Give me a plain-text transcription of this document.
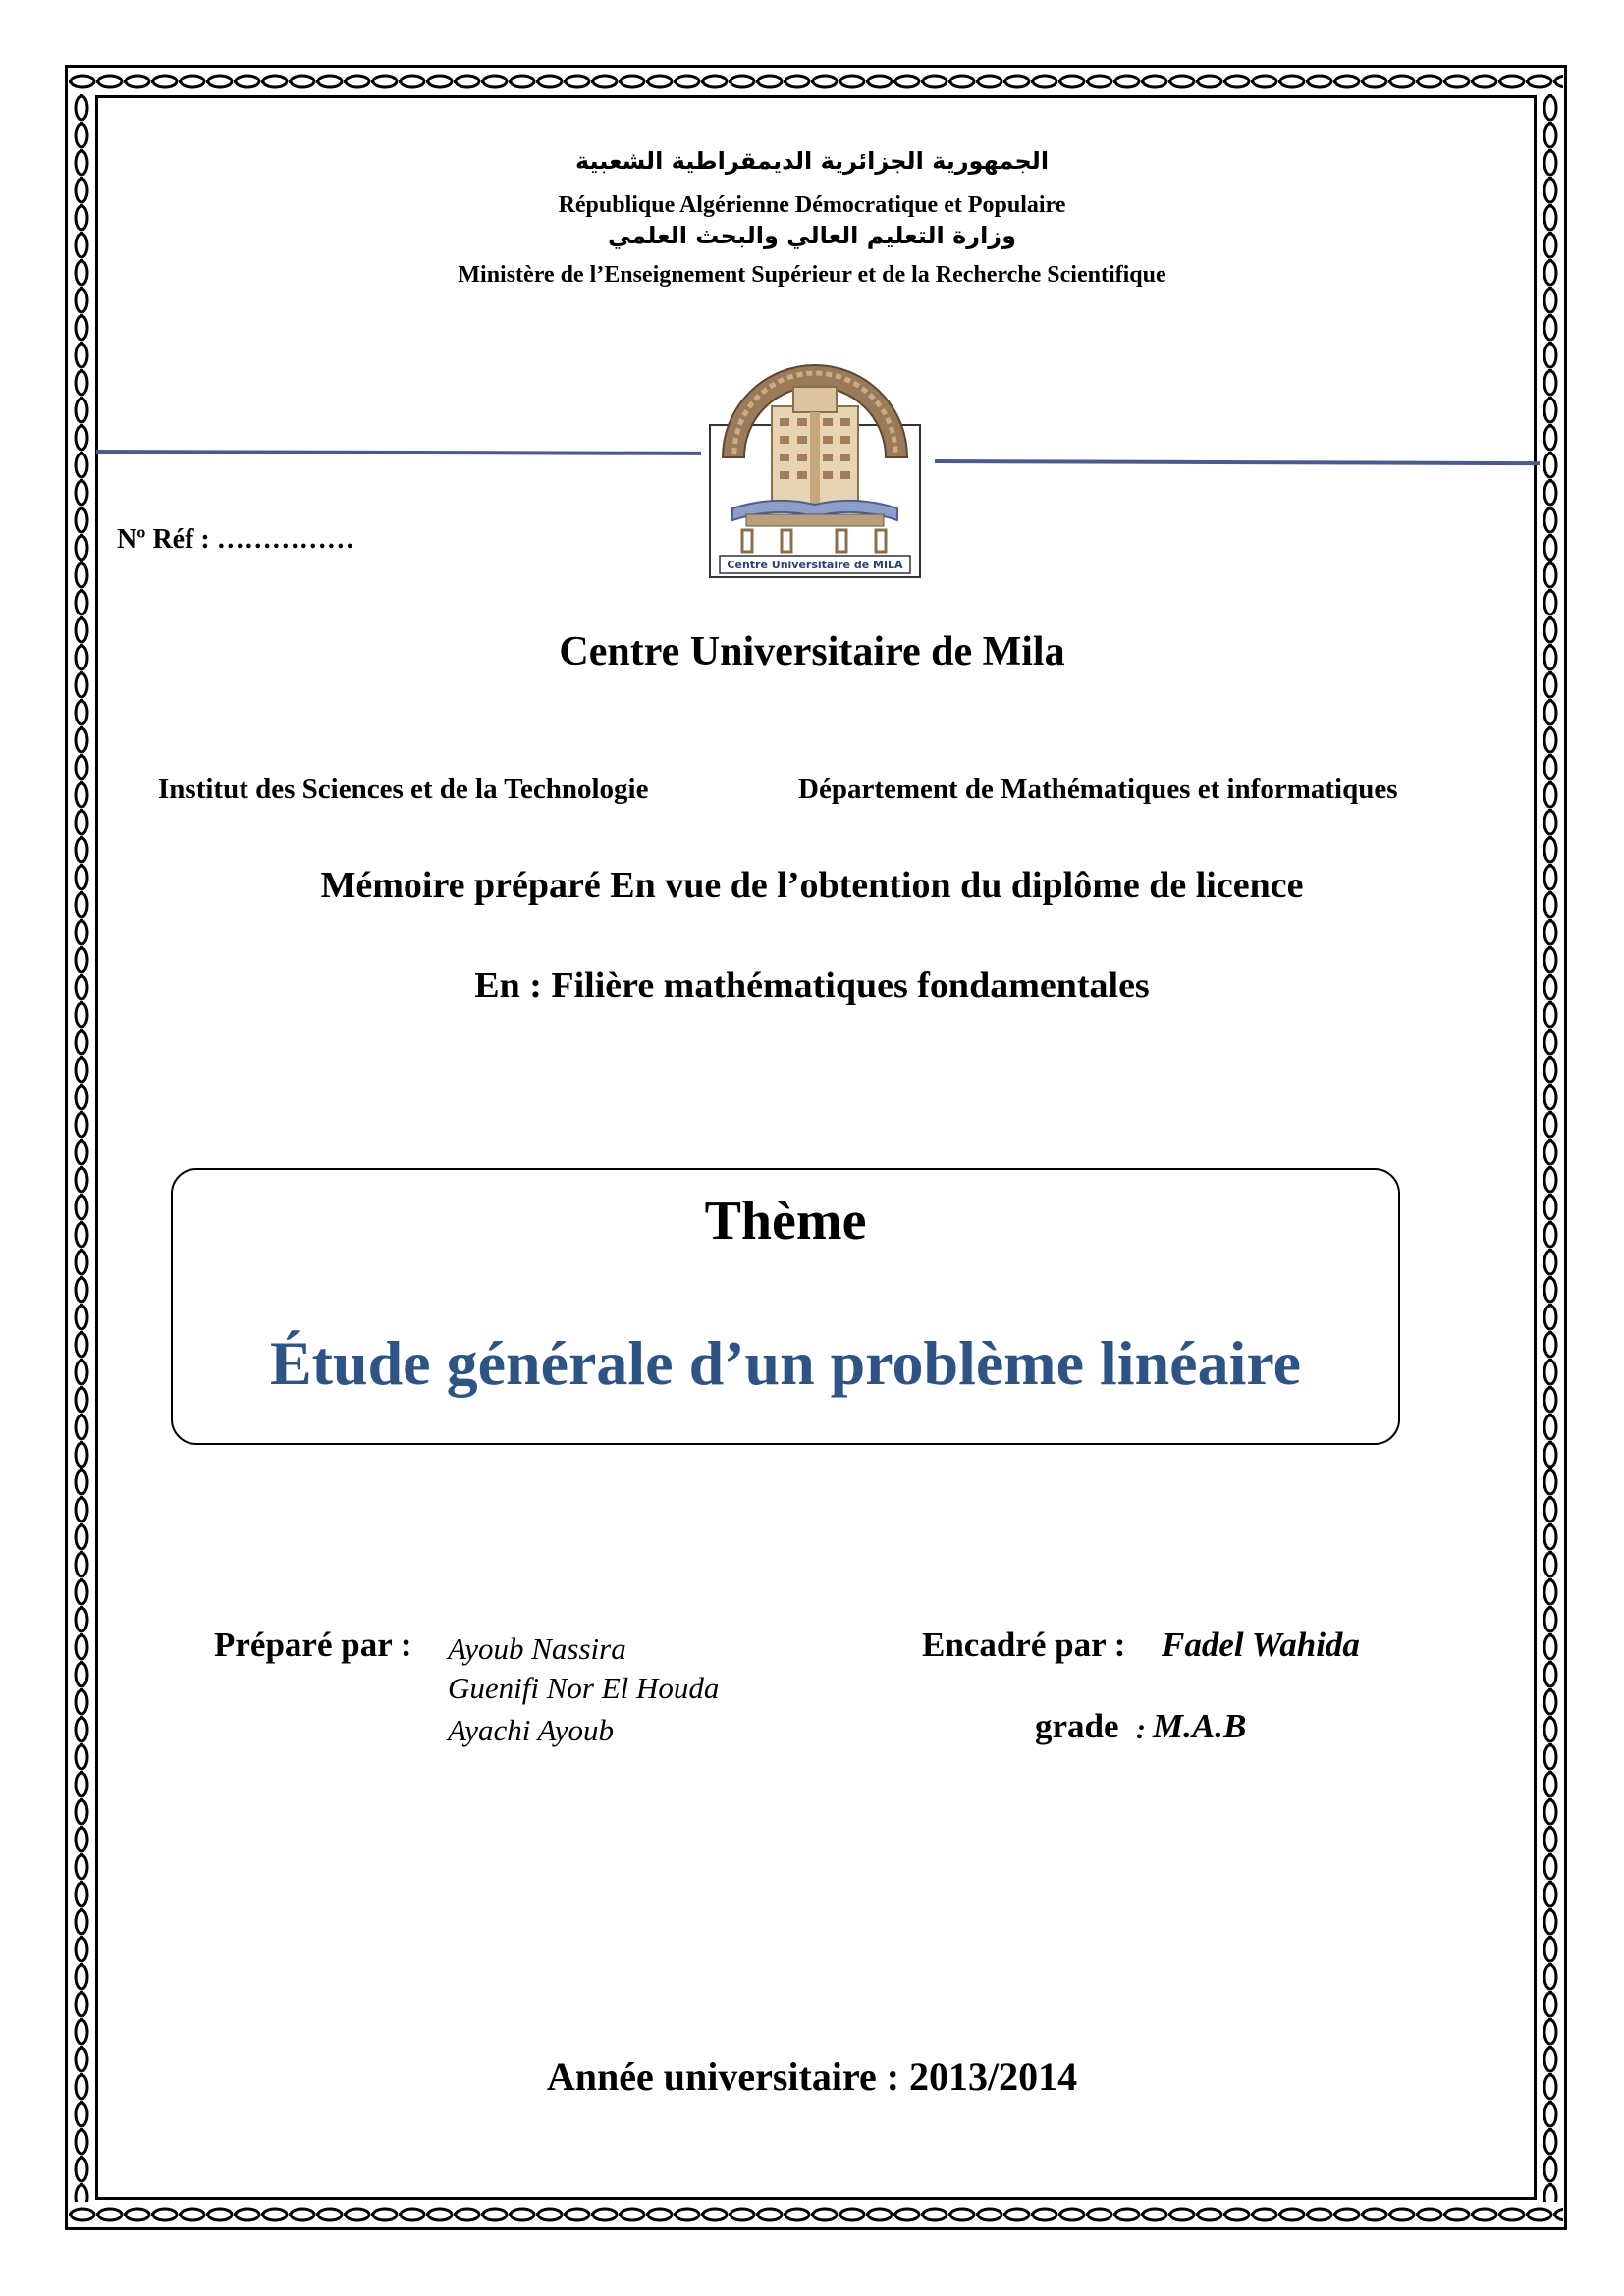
الجمهورية الجزائرية الديمقراطية الشعبية
République Algérienne Démocratique et Populaire
وزارة التعليم العالي والبحث العلمي
Ministère de l’Enseignement Supérieur et de la Recherche Scientifique
Nº Réf : ……………
Centre Universitaire de MILA
Centre Universitaire de Mila
Institut des Sciences et de la Technologie	Département de Mathématiques et informatiques
Mémoire préparé En vue de l’obtention du diplôme de licence
En : Filière mathématiques fondamentales
Thème
Étude générale d’un problème linéaire
Préparé par : Ayoub Nassira
Guenifi Nor El Houda
Ayachi Ayoub
Encadré par : Fadel Wahida
grade : M.A.B
Année universitaire : 2013/2014
